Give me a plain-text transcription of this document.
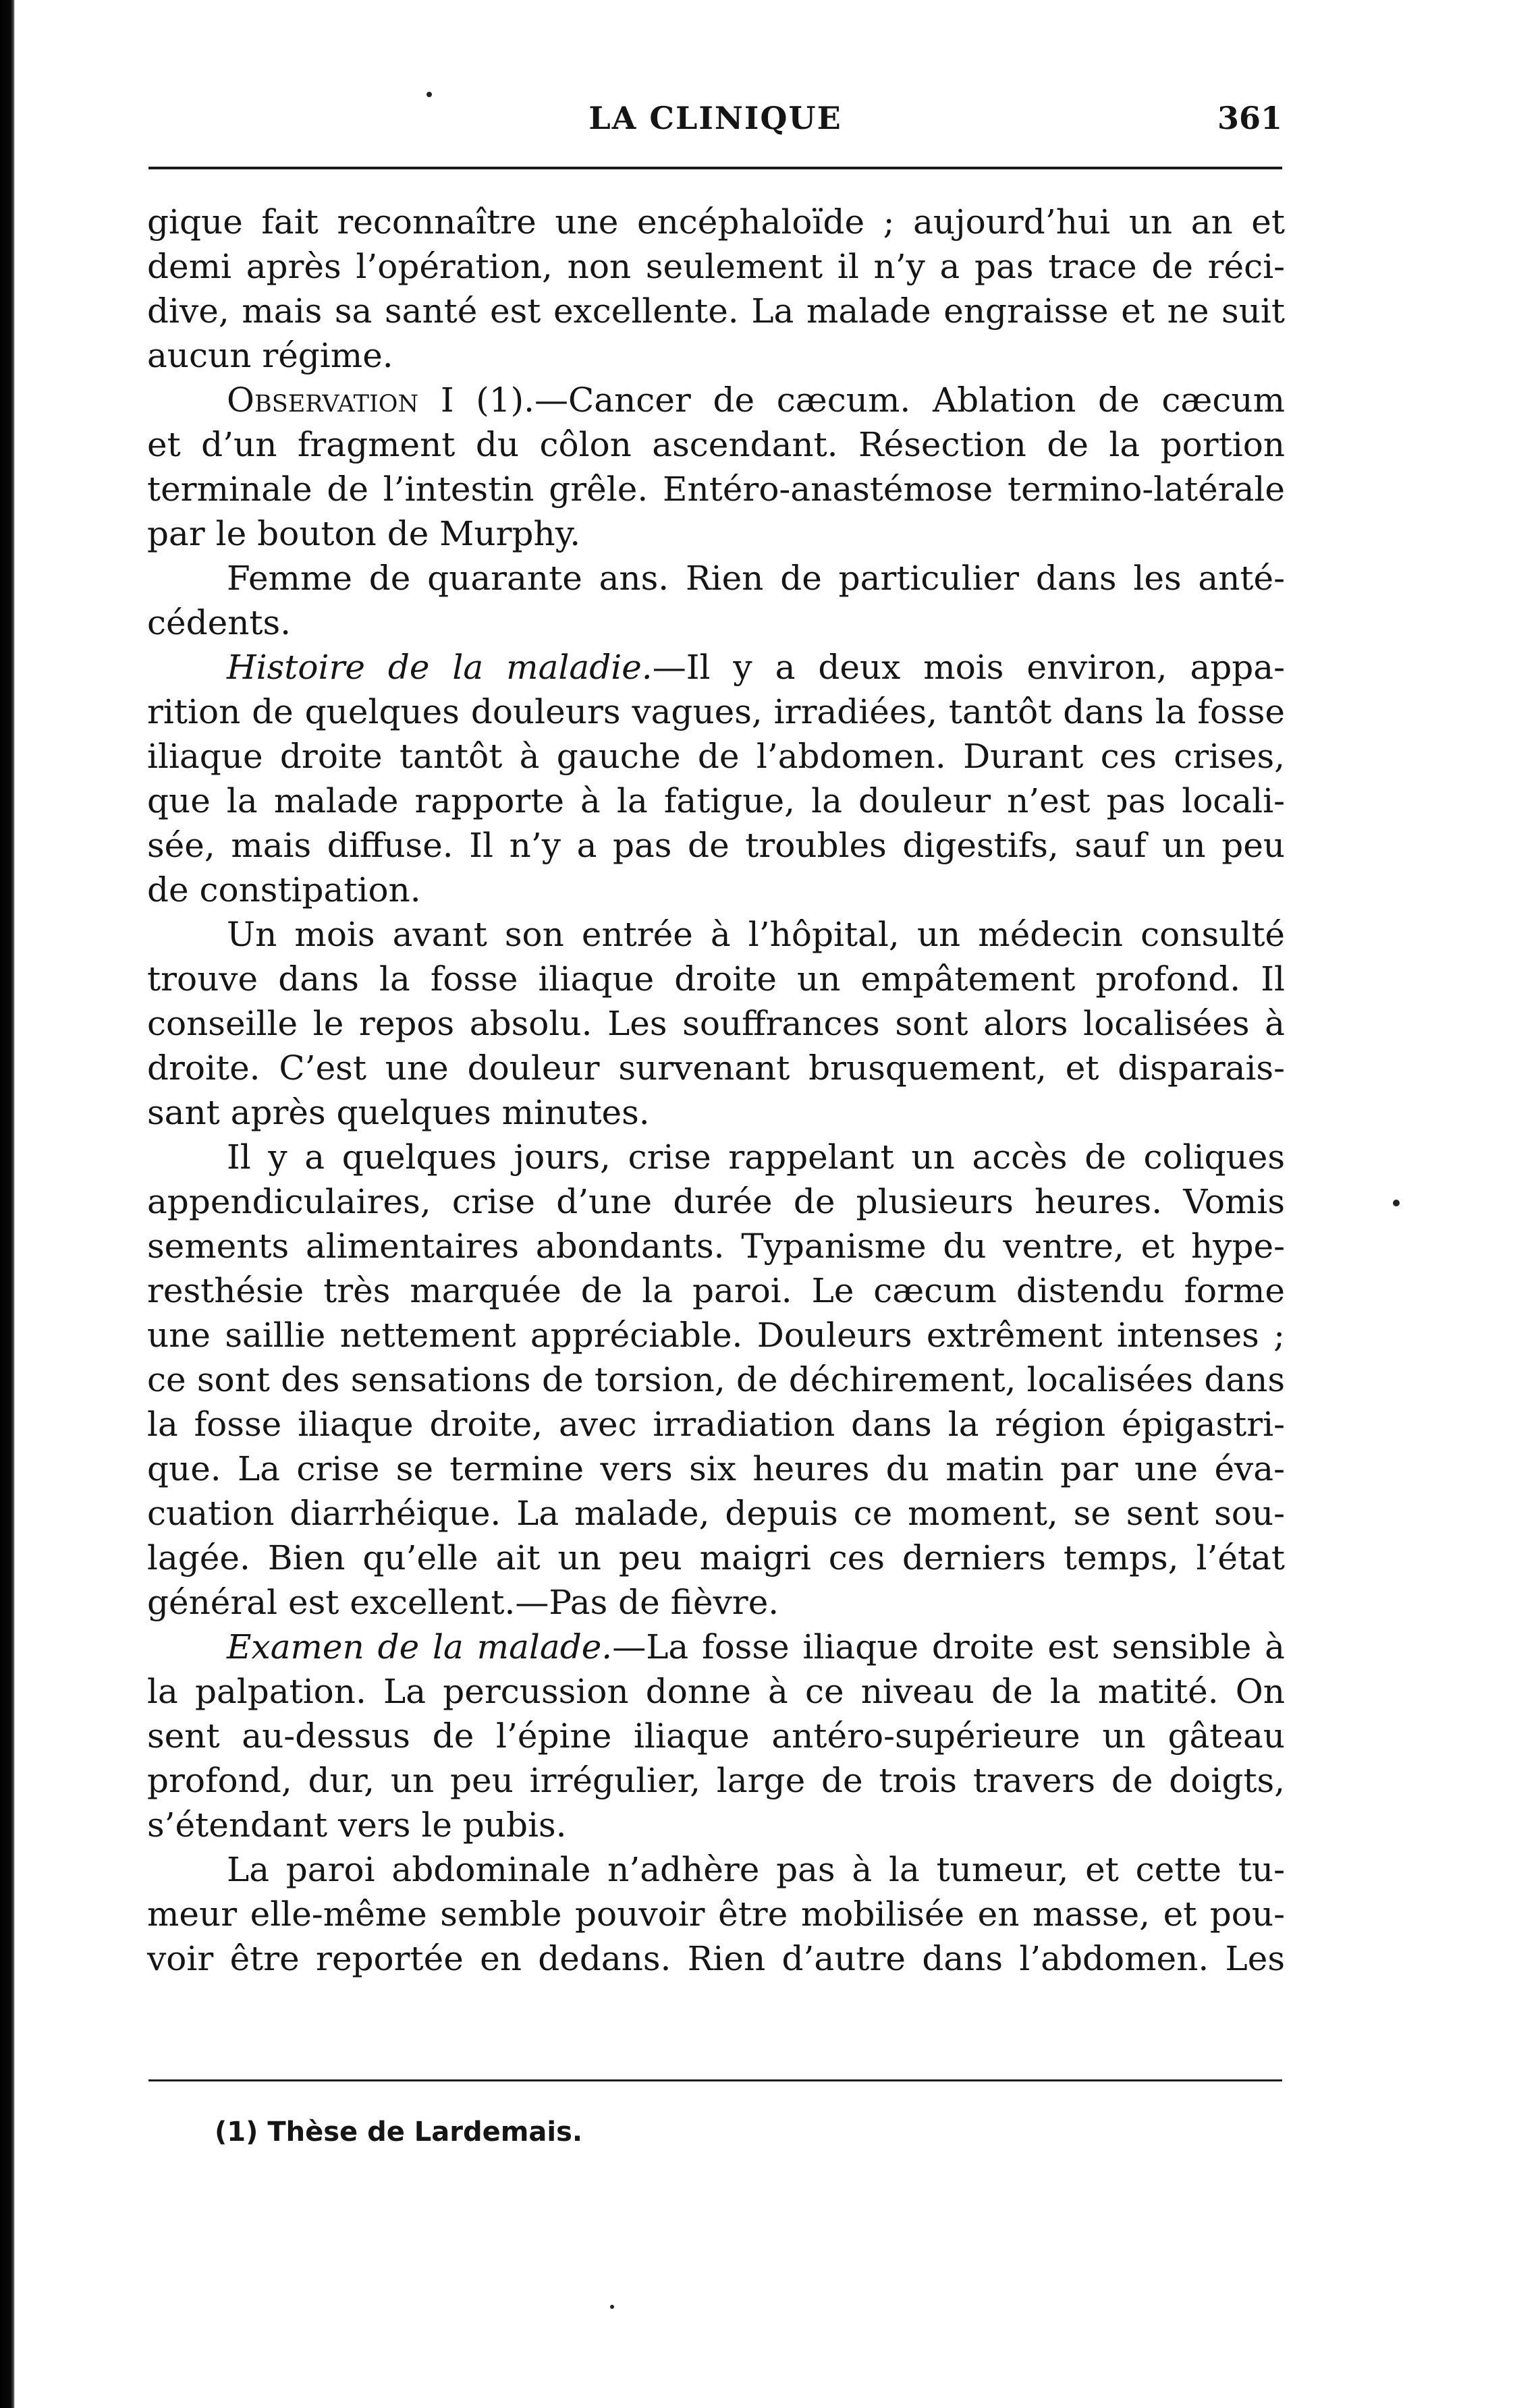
LA CLINIQUE	361
gique fait reconnaître une encéphaloïde ; aujourd’hui un an et
demi après l’opération, non seulement il n’y a pas trace de réci-
dive, mais sa santé est excellente. La malade engraisse et ne suit
aucun régime.
Observation I (1).—Cancer de cæcum. Ablation de cæcum
et d’un fragment du côlon ascendant. Résection de la portion
terminale de l’intestin grêle. Entéro-anastémose termino-latérale
par le bouton de Murphy.
Femme de quarante ans. Rien de particulier dans les anté-
cédents.
Histoire de la maladie.—Il y a deux mois environ, appa-
rition de quelques douleurs vagues, irradiées, tantôt dans la fosse
iliaque droite tantôt à gauche de l’abdomen. Durant ces crises,
que la malade rapporte à la fatigue, la douleur n’est pas locali-
sée, mais diffuse. Il n’y a pas de troubles digestifs, sauf un peu
de constipation.
Un mois avant son entrée à l’hôpital, un médecin consulté
trouve dans la fosse iliaque droite un empâtement profond. Il
conseille le repos absolu. Les souffrances sont alors localisées à
droite. C’est une douleur survenant brusquement, et disparais-
sant après quelques minutes.
Il y a quelques jours, crise rappelant un accès de coliques
appendiculaires, crise d’une durée de plusieurs heures. Vomis
sements alimentaires abondants. Typanisme du ventre, et hype-
resthésie très marquée de la paroi. Le cæcum distendu forme
une saillie nettement appréciable. Douleurs extrêment intenses ;
ce sont des sensations de torsion, de déchirement, localisées dans
la fosse iliaque droite, avec irradiation dans la région épigastri-
que. La crise se termine vers six heures du matin par une éva-
cuation diarrhéique. La malade, depuis ce moment, se sent sou-
lagée. Bien qu’elle ait un peu maigri ces derniers temps, l’état
général est excellent.—Pas de fièvre.
Examen de la malade.—La fosse iliaque droite est sensible à
la palpation. La percussion donne à ce niveau de la matité. On
sent au-dessus de l’épine iliaque antéro-supérieure un gâteau
profond, dur, un peu irrégulier, large de trois travers de doigts,
s’étendant vers le pubis.
La paroi abdominale n’adhère pas à la tumeur, et cette tu-
meur elle-même semble pouvoir être mobilisée en masse, et pou-
voir être reportée en dedans. Rien d’autre dans l’abdomen. Les
(1) Thèse de Lardemais.
